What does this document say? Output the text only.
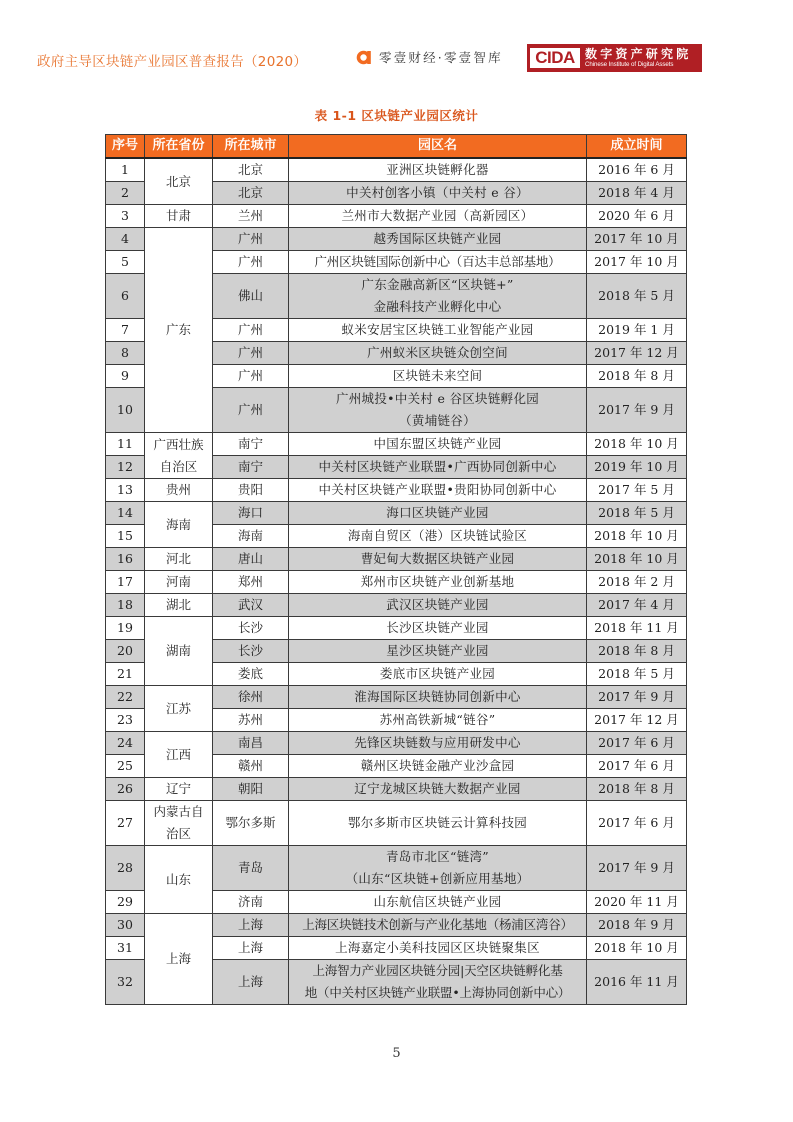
政府主导区块链产业园区普查报告（2020）	零壹财经·零壹智库	CIDA 数字资产研究院
Chinese Institute of Digital Assets
表 1-1 区块链产业园区统计
序号	所在省份	所在城市	园区名	成立时间
1	北京	北京	亚洲区块链孵化器	2016 年 6 月
2		北京	中关村创客小镇（中关村 e 谷）	2018 年 4 月
3	甘肃	兰州	兰州市大数据产业园（高新园区）	2020 年 6 月
4	广东	广州	越秀国际区块链产业园	2017 年 10 月
5		广州	广州区块链国际创新中心（百达丰总部基地）	2017 年 10 月
6		佛山	广东金融高新区“区块链+”
金融科技产业孵化中心	2018 年 5 月
7		广州	蚁米安居宝区块链工业智能产业园	2019 年 1 月
8		广州	广州蚁米区块链众创空间	2017 年 12 月
9		广州	区块链未来空间	2018 年 8 月
10		广州	广州城投•中关村 e 谷区块链孵化园
（黄埔链谷）	2017 年 9 月
11	广西壮族
自治区	南宁	中国东盟区块链产业园	2018 年 10 月
12		南宁	中关村区块链产业联盟•广西协同创新中心	2019 年 10 月
13	贵州	贵阳	中关村区块链产业联盟•贵阳协同创新中心	2017 年 5 月
14	海南	海口	海口区块链产业园	2018 年 5 月
15		海南	海南自贸区（港）区块链试验区	2018 年 10 月
16	河北	唐山	曹妃甸大数据区块链产业园	2018 年 10 月
17	河南	郑州	郑州市区块链产业创新基地	2018 年 2 月
18	湖北	武汉	武汉区块链产业园	2017 年 4 月
19	湖南	长沙	长沙区块链产业园	2018 年 11 月
20		长沙	星沙区块链产业园	2018 年 8 月
21		娄底	娄底市区块链产业园	2018 年 5 月
22	江苏	徐州	淮海国际区块链协同创新中心	2017 年 9 月
23		苏州	苏州高铁新城“链谷”	2017 年 12 月
24	江西	南昌	先锋区块链数与应用研发中心	2017 年 6 月
25		赣州	赣州区块链金融产业沙盒园	2017 年 6 月
26	辽宁	朝阳	辽宁龙城区块链大数据产业园	2018 年 8 月
27	内蒙古自
治区	鄂尔多斯	鄂尔多斯市区块链云计算科技园	2017 年 6 月
28	山东	青岛	青岛市北区“链湾”
（山东“区块链+创新应用基地）	2017 年 9 月
29		济南	山东航信区块链产业园	2020 年 11 月
30	上海	上海	上海区块链技术创新与产业化基地（杨浦区湾谷）	2018 年 9 月
31		上海	上海嘉定小美科技园区区块链聚集区	2018 年 10 月
32		上海	上海智力产业园区块链分园|天空区块链孵化基
地（中关村区块链产业联盟•上海协同创新中心）	2016 年 11 月
5
